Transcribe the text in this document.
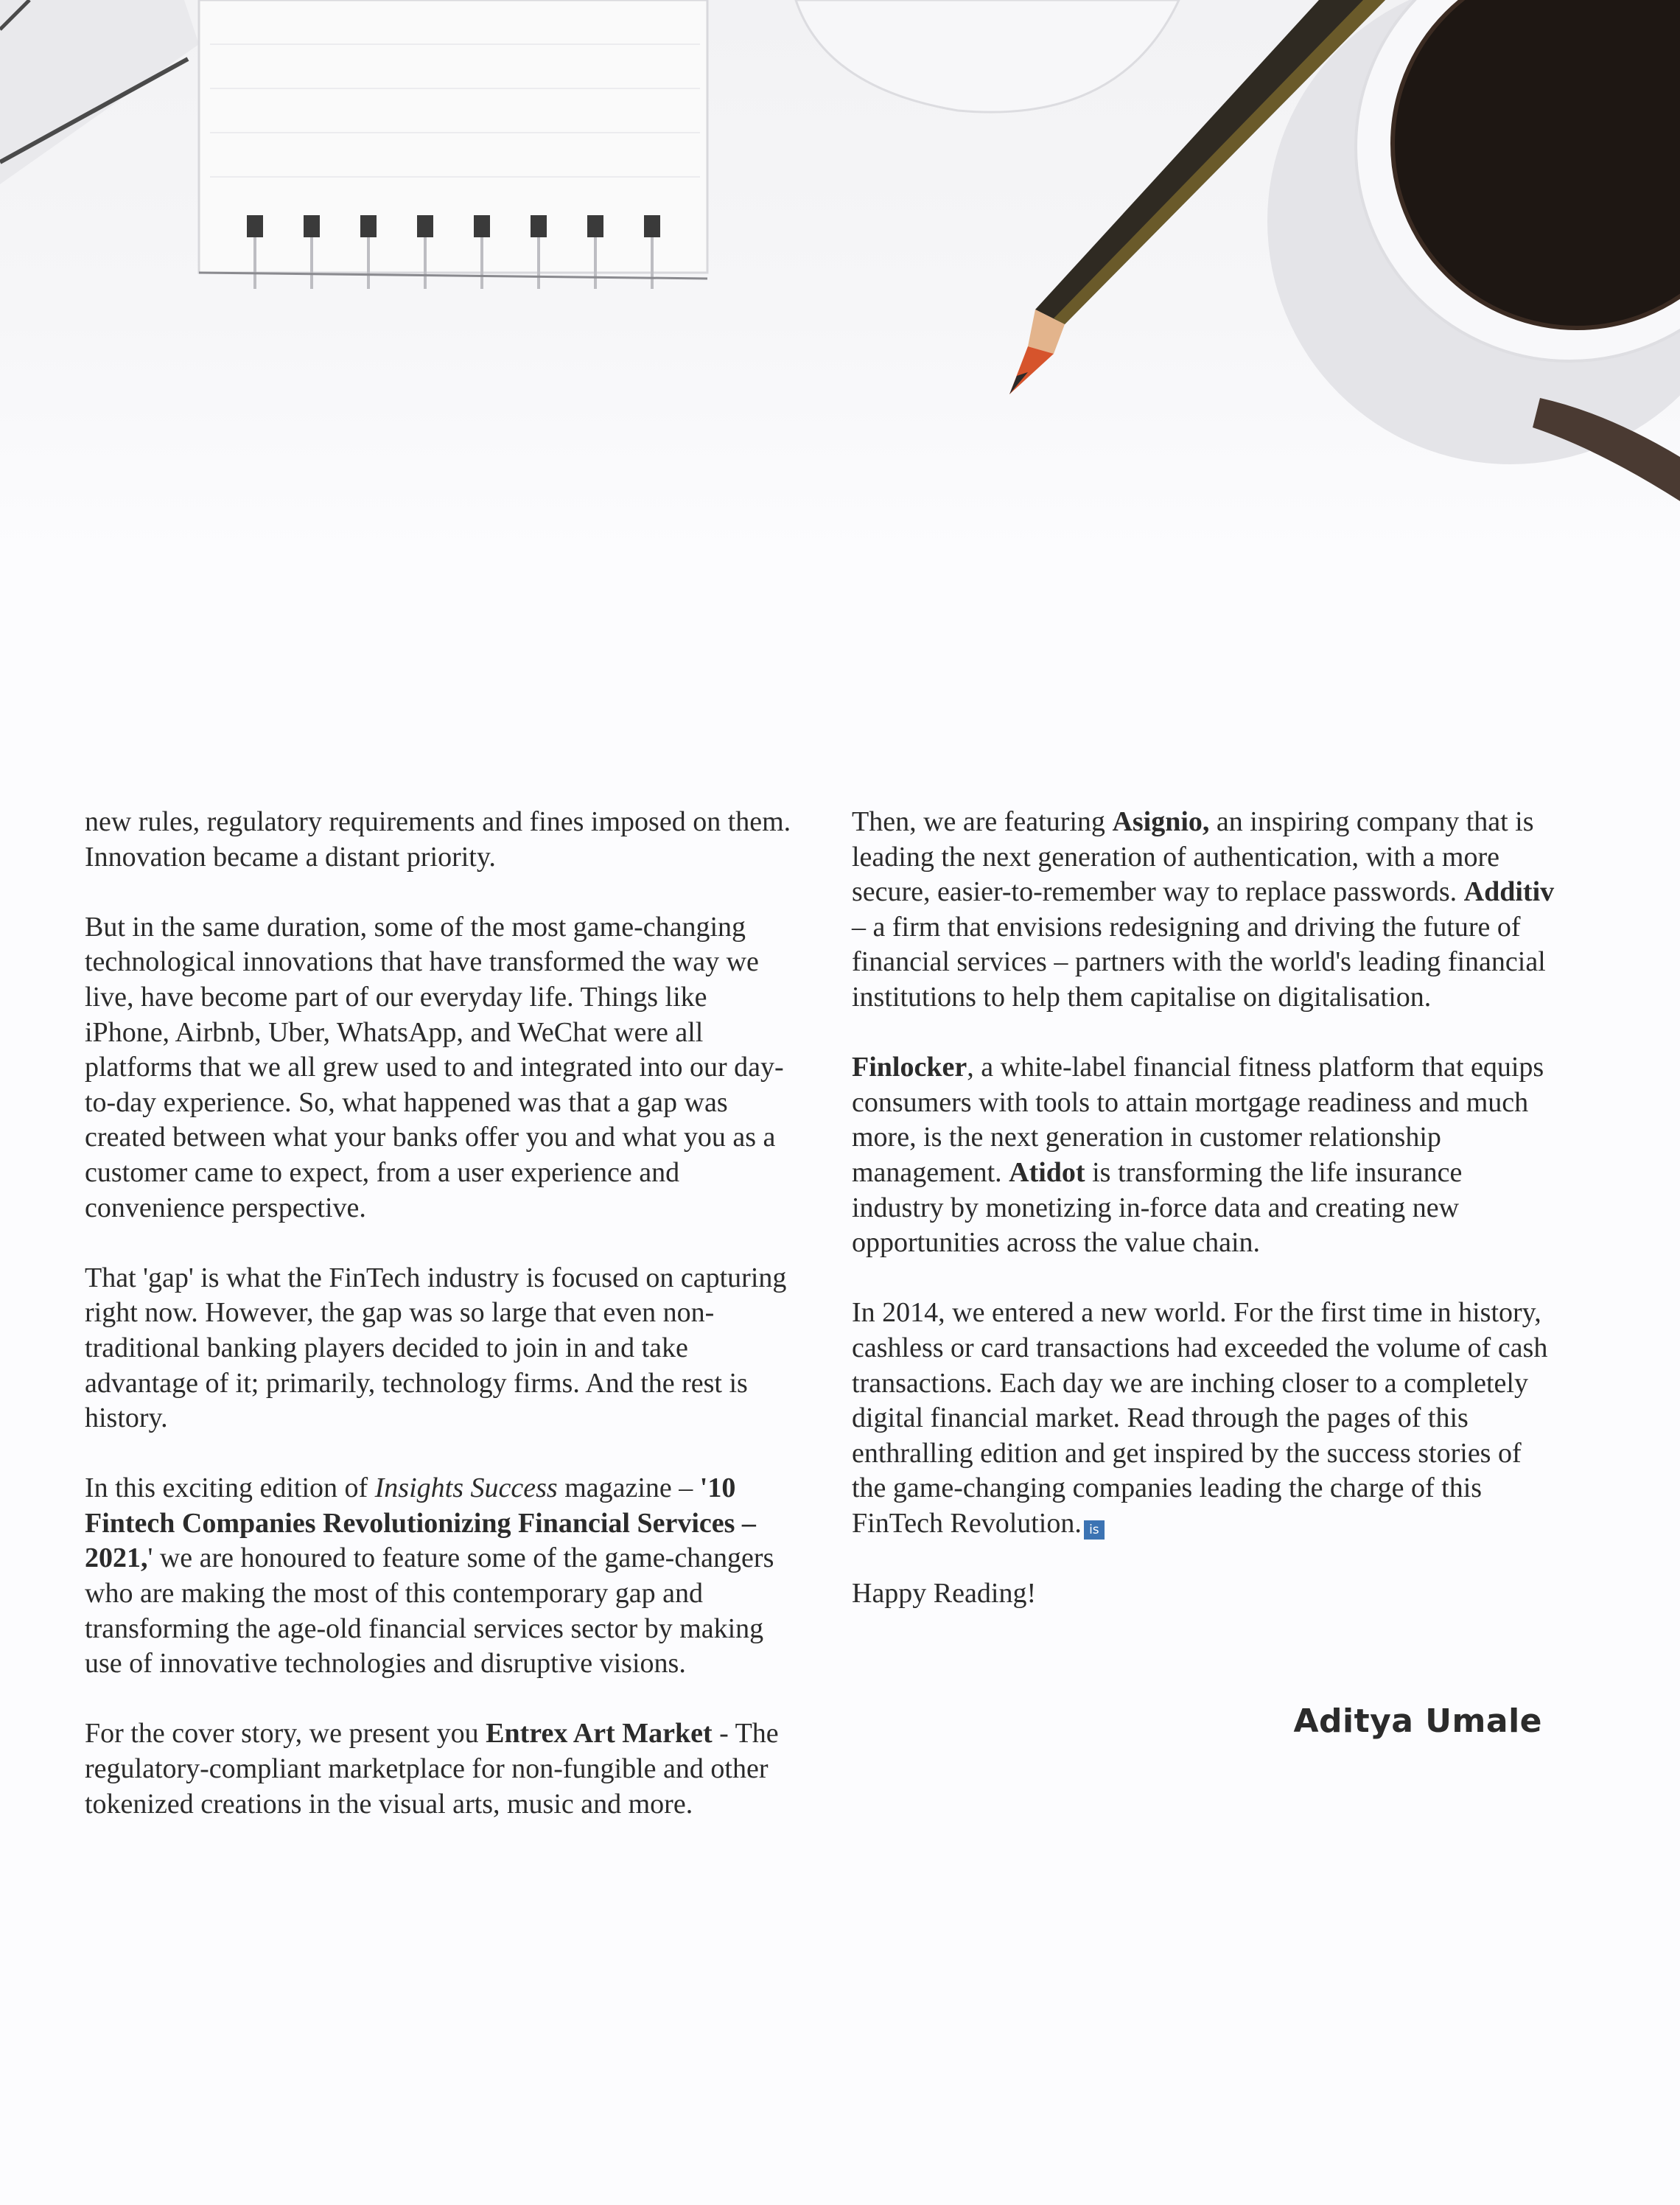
new rules, regulatory requirements and fines imposed on them. Innovation became a distant priority.

But in the same duration, some of the most game-changing technological innovations that have transformed the way we live, have become part of our everyday life. Things like iPhone, Airbnb, Uber, WhatsApp, and WeChat were all platforms that we all grew used to and integrated into our day-to-day experience. So, what happened was that a gap was created between what your banks offer you and what you as a customer came to expect, from a user experience and convenience perspective.

That 'gap' is what the FinTech industry is focused on capturing right now. However, the gap was so large that even non-traditional banking players decided to join in and take advantage of it; primarily, technology firms. And the rest is history.

In this exciting edition of Insights Success magazine – '10 Fintech Companies Revolutionizing Financial Services – 2021,' we are honoured to feature some of the game-changers who are making the most of this contemporary gap and transforming the age-old financial services sector by making use of innovative technologies and disruptive visions.

For the cover story, we present you Entrex Art Market - The regulatory-compliant marketplace for non-fungible and other tokenized creations in the visual arts, music and more.

Then, we are featuring Asignio, an inspiring company that is leading the next generation of authentication, with a more secure, easier-to-remember way to replace passwords. Additiv – a firm that envisions redesigning and driving the future of financial services – partners with the world's leading financial institutions to help them capitalise on digitalisation.

Finlocker, a white-label financial fitness platform that equips consumers with tools to attain mortgage readiness and much more, is the next generation in customer relationship management. Atidot is transforming the life insurance industry by monetizing in-force data and creating new opportunities across the value chain.

In 2014, we entered a new world. For the first time in history, cashless or card transactions had exceeded the volume of cash transactions. Each day we are inching closer to a completely digital financial market. Read through the pages of this enthralling edition and get inspired by the success stories of the game-changing companies leading the charge of this FinTech Revolution. is

Happy Reading!

Aditya Umale
